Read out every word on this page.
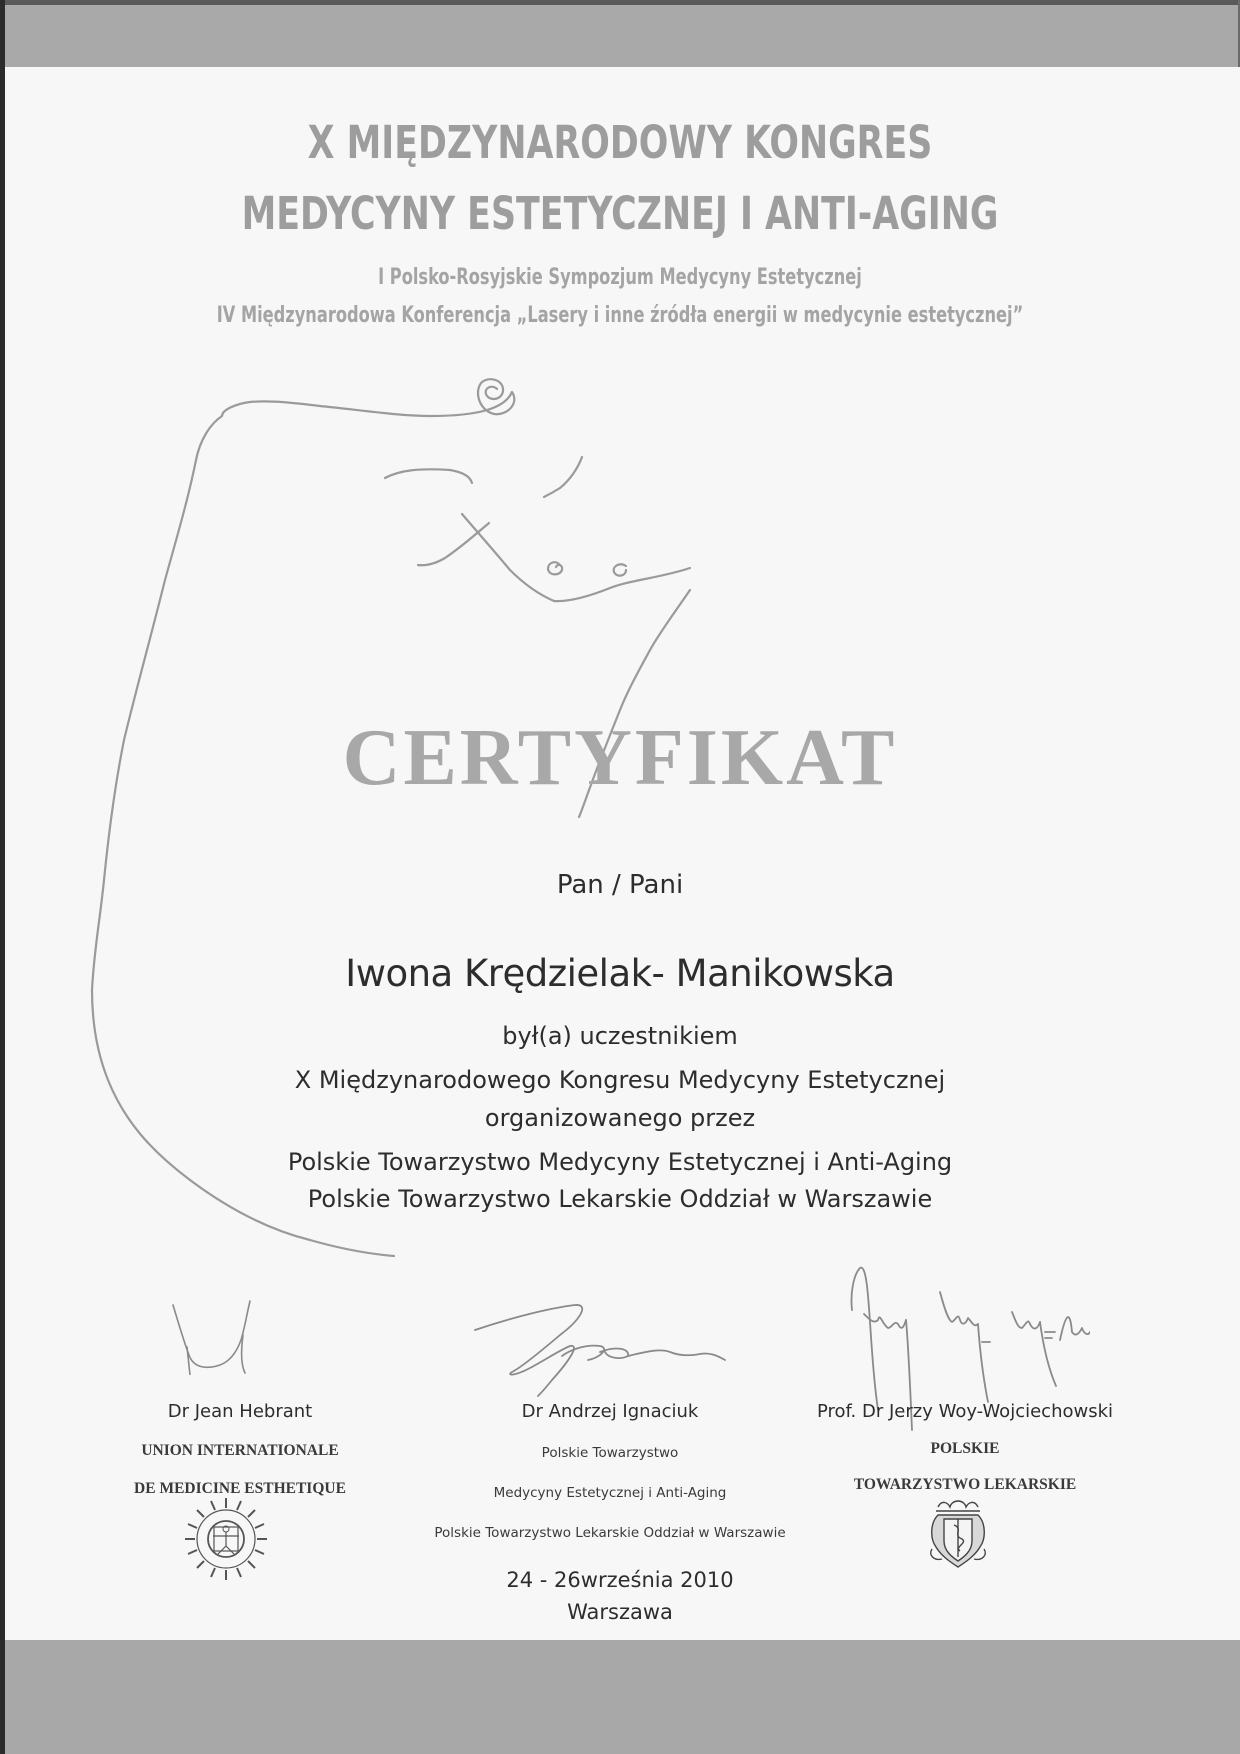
X MIĘDZYNARODOWY KONGRES
MEDYCYNY ESTETYCZNEJ I ANTI-AGING
I Polsko-Rosyjskie Sympozjum Medycyny Estetycznej
IV Międzynarodowa Konferencja „Lasery i inne źródła energii w medycynie estetycznej”
CERTYFIKAT
Pan / Pani
Iwona Krędzielak- Manikowska
był(a) uczestnikiem
X Międzynarodowego Kongresu Medycyny Estetycznej
organizowanego przez
Polskie Towarzystwo Medycyny Estetycznej i Anti-Aging
Polskie Towarzystwo Lekarskie Oddział w Warszawie
Dr Jean Hebrant
UNION INTERNATIONALE
DE MEDICINE ESTHETIQUE
Dr Andrzej Ignaciuk
Polskie Towarzystwo
Medycyny Estetycznej i Anti-Aging
Polskie Towarzystwo Lekarskie Oddział w Warszawie
Prof. Dr Jerzy Woy-Wojciechowski
POLSKIE
TOWARZYSTWO LEKARSKIE
24 - 26września 2010
Warszawa
